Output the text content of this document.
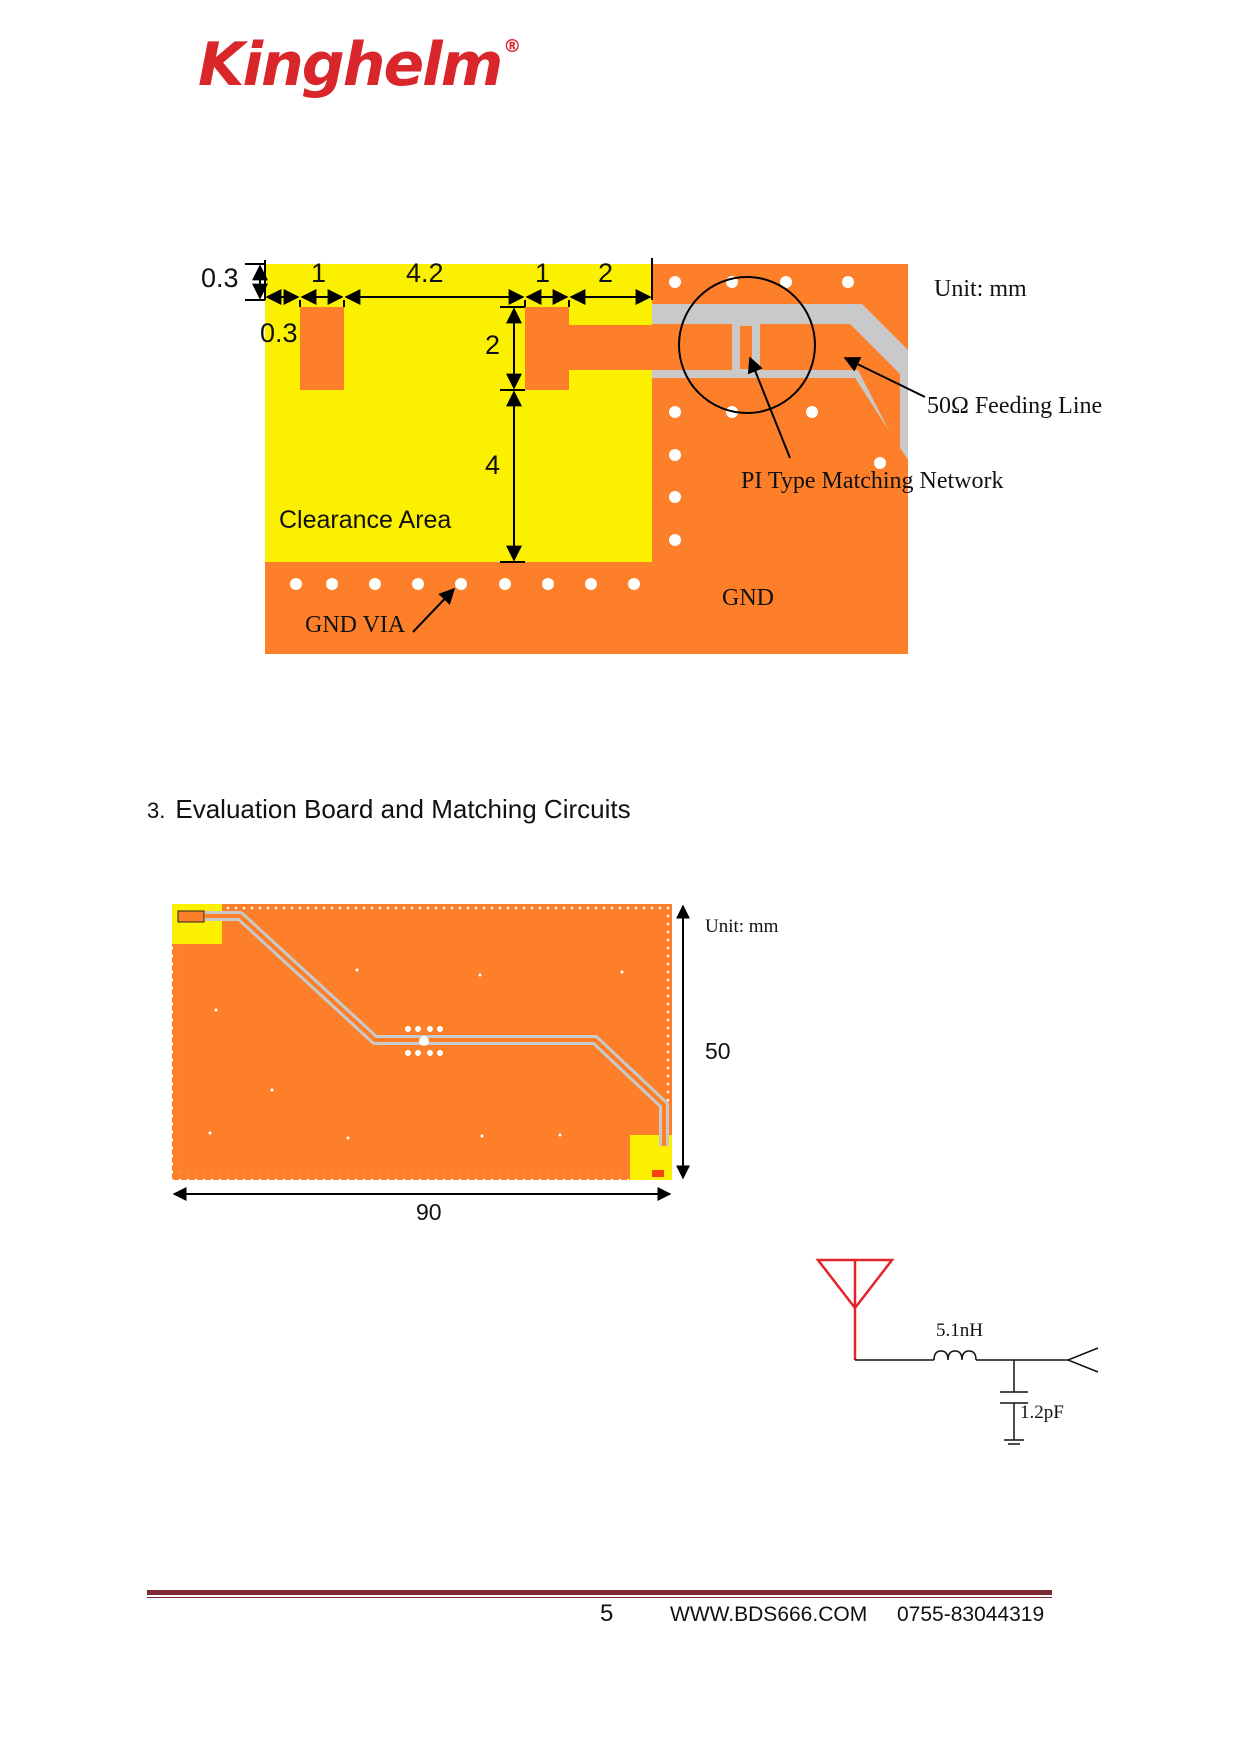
Kinghelm ®
0.3
0.3
1	4.2	1 2
2
4
Clearance Area
Unit: mm
50Ω Feeding Line
PI Type Matching Network
GND VIA
GND
3. Evaluation Board and Matching Circuits
Unit: mm
50
90
5.1nH
1.2pF
5	WWW.BDS666.COM 0755-83044319
